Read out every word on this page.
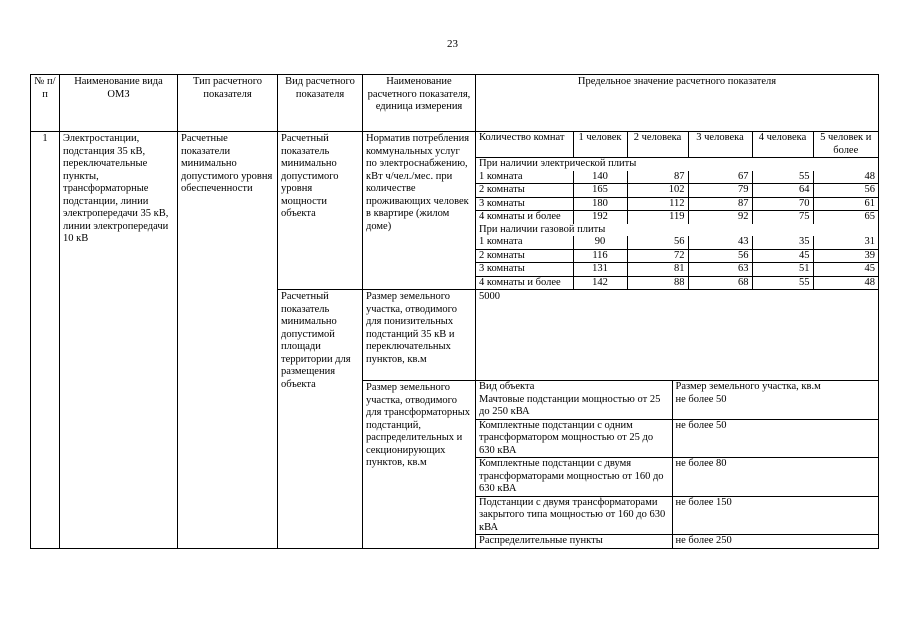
23
№ п/п	Наименование вида ОМЗ	Тип расчетного показателя	Вид расчетного показателя	Наименование расчетного показателя, единица измерения	Предельное значение расчетного показателя
1	Электростанции, подстанция 35 кВ, переключательные пункты, трансформаторные подстанции, линии электропередачи 35 кВ, линии электропередачи 10 кВ	Расчетные показатели минимально допустимого уровня обеспеченности	Расчетный показатель минимально допустимого уровня мощности объекта	Норматив потребления коммунальных услуг по электроснабжению, кВт ч/чел./мес. при количестве проживающих человек в квартире (жилом доме)	
Количество комнат	1 человек	2 человека	3 человека	4 человека	5 человек и более
При наличии электрической плиты
1 комната	140	87	67	55	48
2 комнаты	165	102	79	64	56
3 комнаты	180	112	87	70	61
4 комнаты и более	192	119	92	75	65
При наличии газовой плиты
1 комната	90	56	43	35	31
2 комнаты	116	72	56	45	39
3 комнаты	131	81	63	51	45
4 комнаты и более	142	88	68	55	48

Расчетный показатель минимально допустимой площади территории для размещения объекта	Размер земельного участка, отводимого для понизительных подстанций 35 кВ и переключательных пунктов, кв.м	5000
Размер земельного участка, отводимого для трансформаторных подстанций, распределительных и секционирующих пунктов, кв.м	
Вид объекта	Размер земельного участка, кв.м
Мачтовые подстанции мощностью от 25 до 250 кВА	не более 50
Комплектные подстанции с одним трансформатором мощностью от 25 до 630 кВА	не более 50
Комплектные подстанции с двумя трансформаторами мощностью от 160 до 630 кВА	не более 80
Подстанции с двумя трансформаторами закрытого типа мощностью от 160 до 630 кВА	не более 150
Распределительные пункты	не более 250
